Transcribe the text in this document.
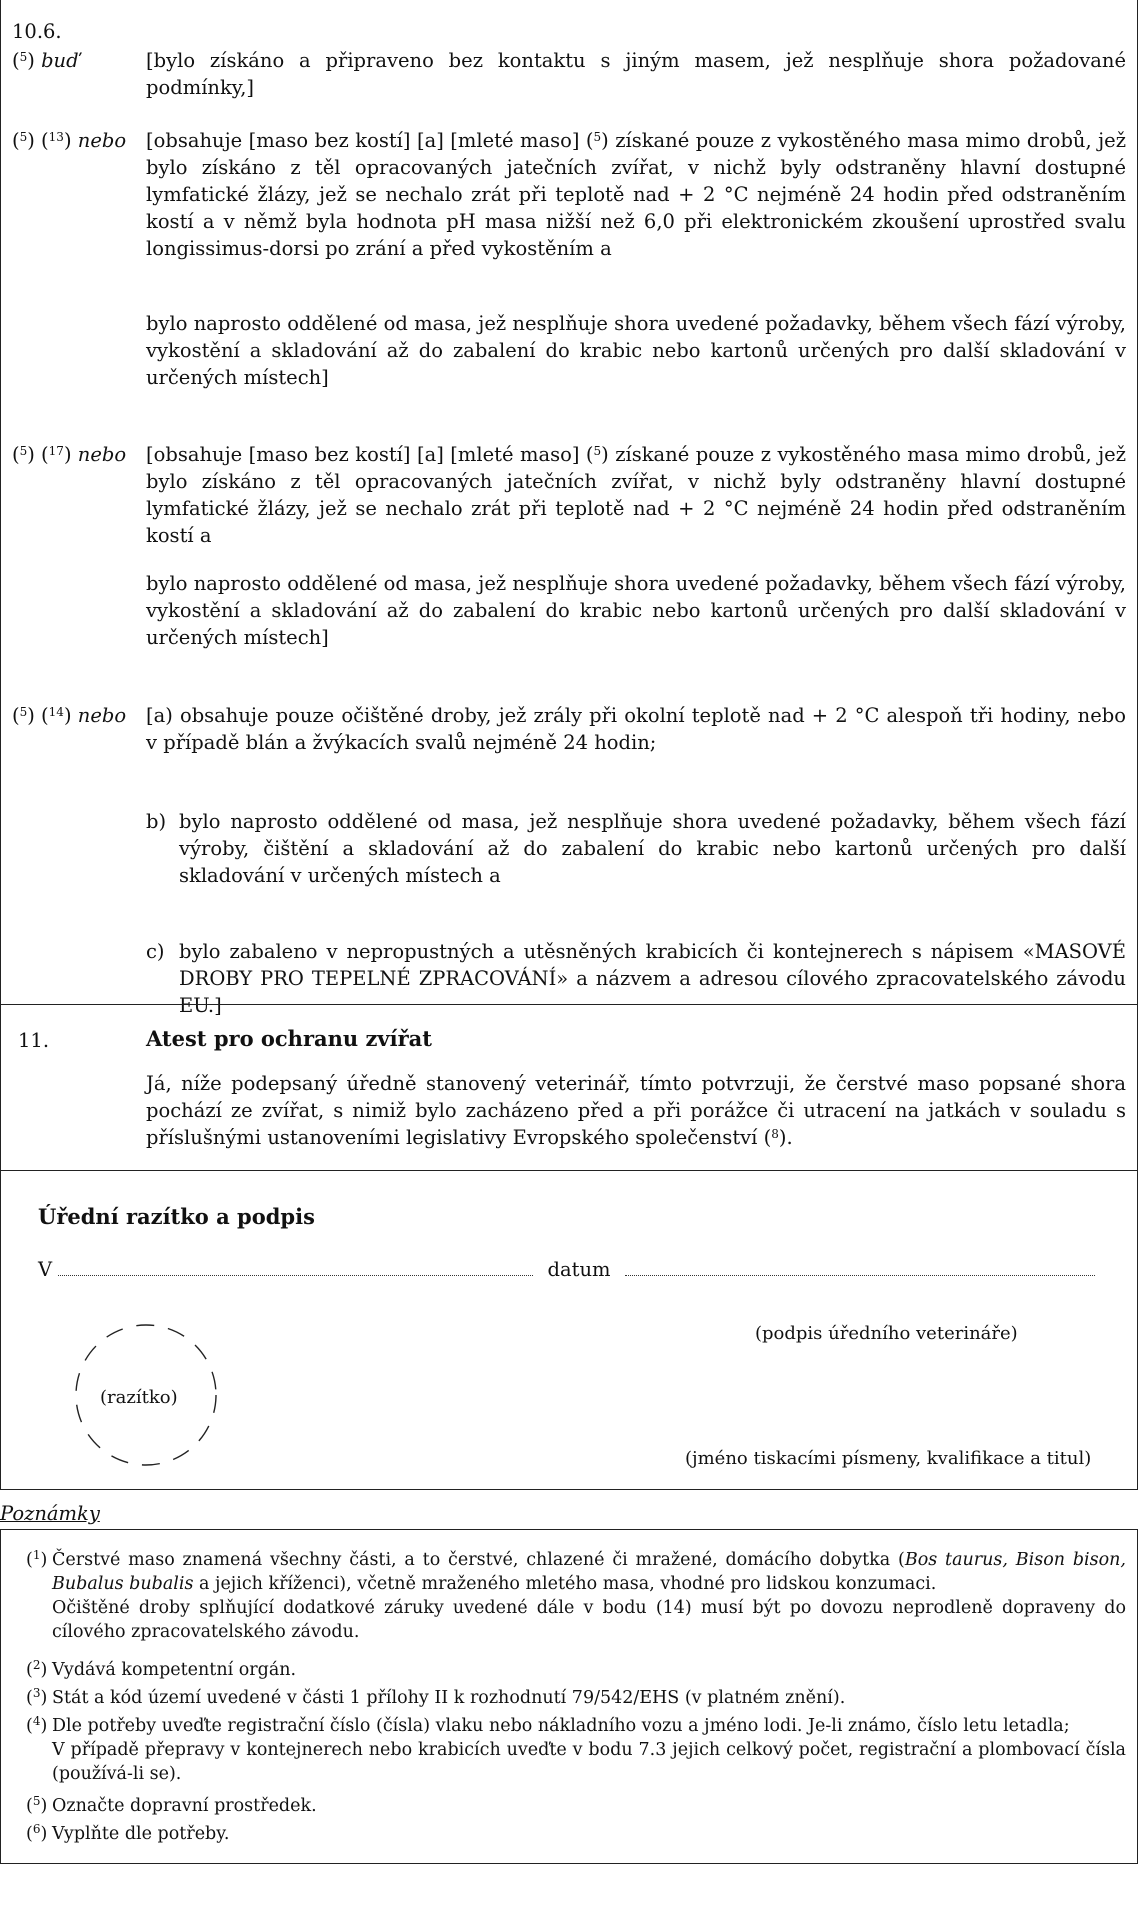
10.6.
($^5$) buď	[bylo získáno a připraveno bez kontaktu s jiným masem, jež nesplňuje shora požadované podmínky,]
($^5$) ($^{13}$) nebo [obsahuje [maso bez kostí] [a] [mleté maso] ($^5$) získané pouze z vykostěného masa mimo drobů, jež bylo získáno z těl opracovaných jatečních zvířat, v nichž byly odstraněny hlavní dostupné lymfatické žlázy, jež se nechalo zrát při teplotě nad + 2 °C nejméně 24 hodin před odstraněním kostí a v němž byla hodnota pH masa nižší než 6,0 při elektronickém zkoušení uprostřed svalu longissimus-dorsi po zrání a před vykostěním a
bylo naprosto oddělené od masa, jež nesplňuje shora uvedené požadavky, během všech fází výroby, vykostění a skladování až do zabalení do krabic nebo kartonů určených pro další skladování v určených místech]
($^5$) ($^{17}$) nebo [obsahuje [maso bez kostí] [a] [mleté maso] ($^5$) získané pouze z vykostěného masa mimo drobů, jež bylo získáno z těl opracovaných jatečních zvířat, v nichž byly odstraněny hlavní dostupné lymfatické žlázy, jež se nechalo zrát při teplotě nad + 2 °C nejméně 24 hodin před odstraněním kostí a
bylo naprosto oddělené od masa, jež nesplňuje shora uvedené požadavky, během všech fází výroby, vykostění a skladování až do zabalení do krabic nebo kartonů určených pro další skladování v určených místech]
($^5$) ($^{14}$) nebo [a) obsahuje pouze očištěné droby, jež zrály při okolní teplotě nad + 2 °C alespoň tři hodiny, nebo v případě blán a žvýkacích svalů nejméně 24 hodin;
b) bylo naprosto oddělené od masa, jež nesplňuje shora uvedené požadavky, během všech fází výroby, čištění a skladování až do zabalení do krabic nebo kartonů určených pro další skladování v určených místech a
c) bylo zabaleno v nepropustných a utěsněných krabicích či kontejnerech s nápisem «MASOVÉ DROBY PRO TEPELNÉ ZPRACOVÁNÍ» a názvem a adresou cílového zpracovatelského závodu EU.]
11.	Atest pro ochranu zvířat
Já, níže podepsaný úředně stanovený veterinář, tímto potvrzuji, že čerstvé maso popsané shora pochází ze zvířat, s nimiž bylo zacházeno před a při porážce či utracení na jatkách v souladu s příslušnými ustanoveními legislativy Evropského společenství ($^8$).
Úřední razítko a podpis
V	datum
(razítko)
(podpis úředního veterináře)
(jméno tiskacími písmeny, kvalifikace a titul)
Poznámky
($^1$) Čerstvé maso znamená všechny části, a to čerstvé, chlazené či mražené, domácího dobytka (Bos taurus, Bison bison, Bubalus bubalis a jejich kříženci), včetně mraženého mletého masa, vhodné pro lidskou konzumaci.
Očištěné droby splňující dodatkové záruky uvedené dále v bodu (14) musí být po dovozu neprodleně dopraveny do cílového zpracovatelského závodu.
($^2$) Vydává kompetentní orgán.
($^3$) Stát a kód území uvedené v části 1 přílohy II k rozhodnutí 79/542/EHS (v platném znění).
($^4$) Dle potřeby uveďte registrační číslo (čísla) vlaku nebo nákladního vozu a jméno lodi. Je-li známo, číslo letu letadla;
V případě přepravy v kontejnerech nebo krabicích uveďte v bodu 7.3 jejich celkový počet, registrační a plombovací čísla (používá-li se).
($^5$) Označte dopravní prostředek.
($^6$) Vyplňte dle potřeby.
